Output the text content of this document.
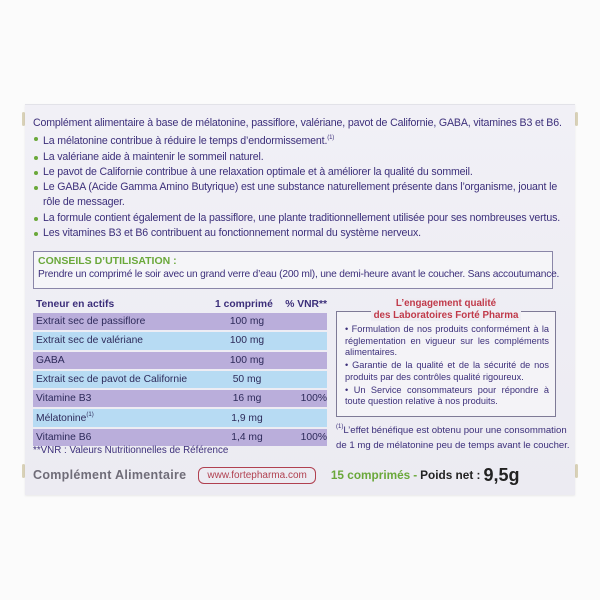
Complément alimentaire à base de mélatonine, passiflore, valériane, pavot de Californie, GABA, vitamines B3 et B6.

La mélatonine contribue à réduire le temps d’endormissement.$^{(1)}$
La valériane aide à maintenir le sommeil naturel.
Le pavot de Californie contribue à une relaxation optimale et à améliorer la qualité du sommeil.
Le GABA (Acide Gamma Amino Butyrique) est une substance naturellement présente dans l’organisme, jouant le rôle de messager.
La formule contient également de la passiflore, une plante traditionnellement utilisée pour ses nombreuses vertus.
Les vitamines B3 et B6 contribuent au fonctionnement normal du système nerveux.
CONSEILS D’UTILISATION :
Prendre un comprimé le soir avec un grand verre d’eau (200 ml), une demi-heure avant le coucher. Sans accoutumance.
Teneur en actifs	1 comprimé	% VNR**
Extrait sec de passiflore	100 mg
Extrait sec de valériane	100 mg
GABA	100 mg
Extrait sec de pavot de Californie	50 mg
Vitamine B3	16 mg	100%
Mélatonine$^{(1)}$	1,9 mg
Vitamine B6	1,4 mg	100%
**VNR : Valeurs Nutritionnelles de Référence
L’engagement qualité
des Laboratoires Forté Pharma
• Formulation de nos produits conformément à la réglementation en vigueur sur les compléments alimentaires.
• Garantie de la qualité et de la sécurité de nos produits par des contrôles qualité rigoureux.
• Un Service consommateurs pour répondre à toute question relative à nos produits.
$^{(1)}$L’effet bénéfique est obtenu pour une consommation de 1 mg de mélatonine peu de temps avant le coucher.
Complément Alimentaire	www.fortepharma.com	15 comprimés - Poids net : 9,5g
